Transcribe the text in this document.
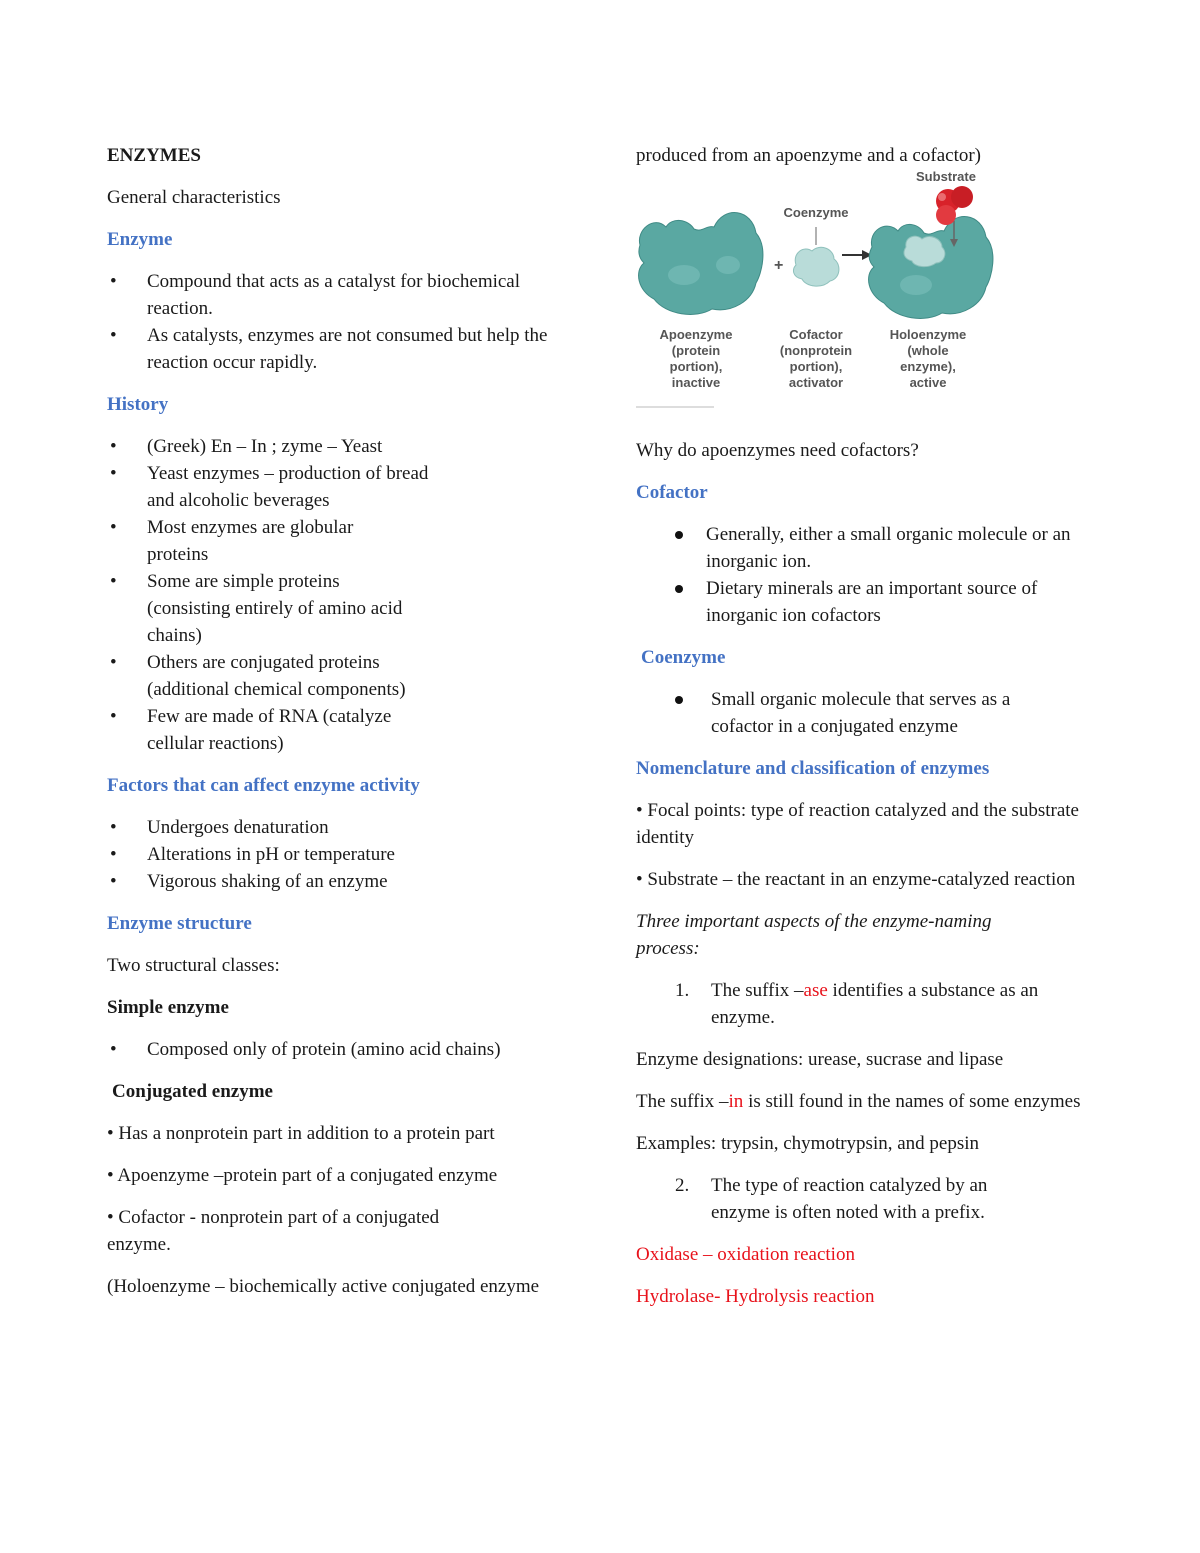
ENZYMES

General characteristics

Enzyme

• Compound that acts as a catalyst for biochemical reaction.
• As catalysts, enzymes are not consumed but help the reaction occur rapidly.

History

• (Greek) En – In ; zyme – Yeast
• Yeast enzymes – production of bread and alcoholic beverages
• Most enzymes are globular proteins
• Some are simple proteins (consisting entirely of amino acid chains)
• Others are conjugated proteins (additional chemical components)
• Few are made of RNA (catalyze cellular reactions)

Factors that can affect enzyme activity

• Undergoes denaturation
• Alterations in pH or temperature
• Vigorous shaking of an enzyme

Enzyme structure

Two structural classes:

Simple enzyme

• Composed only of protein (amino acid chains)

Conjugated enzyme

• Has a nonprotein part in addition to a protein part

• Apoenzyme –protein part of a conjugated enzyme

• Cofactor - nonprotein part of a conjugated enzyme.

(Holoenzyme – biochemically active conjugated enzyme

produced from an apoenzyme and a cofactor)

+
Substrate
Coenzyme
Apoenzyme
(protein
portion),
inactive
Cofactor
(nonprotein
portion),
activator
Holoenzyme
(whole
enzyme),
active

Why do apoenzymes need cofactors?

Cofactor

Generally, either a small organic molecule or an inorganic ion.
Dietary minerals are an important source of inorganic ion cofactors

Coenzyme

Small organic molecule that serves as a cofactor in a conjugated enzyme

Nomenclature and classification of enzymes

• Focal points: type of reaction catalyzed and the substrate identity

• Substrate – the reactant in an enzyme-catalyzed reaction

Three important aspects of the enzyme-naming process:

1. The suffix –ase identifies a substance as an enzyme.

Enzyme designations: urease, sucrase and lipase

The suffix –in is still found in the names of some enzymes

Examples: trypsin, chymotrypsin, and pepsin

2. The type of reaction catalyzed by an enzyme is often noted with a prefix.

Oxidase – oxidation reaction

Hydrolase- Hydrolysis reaction
